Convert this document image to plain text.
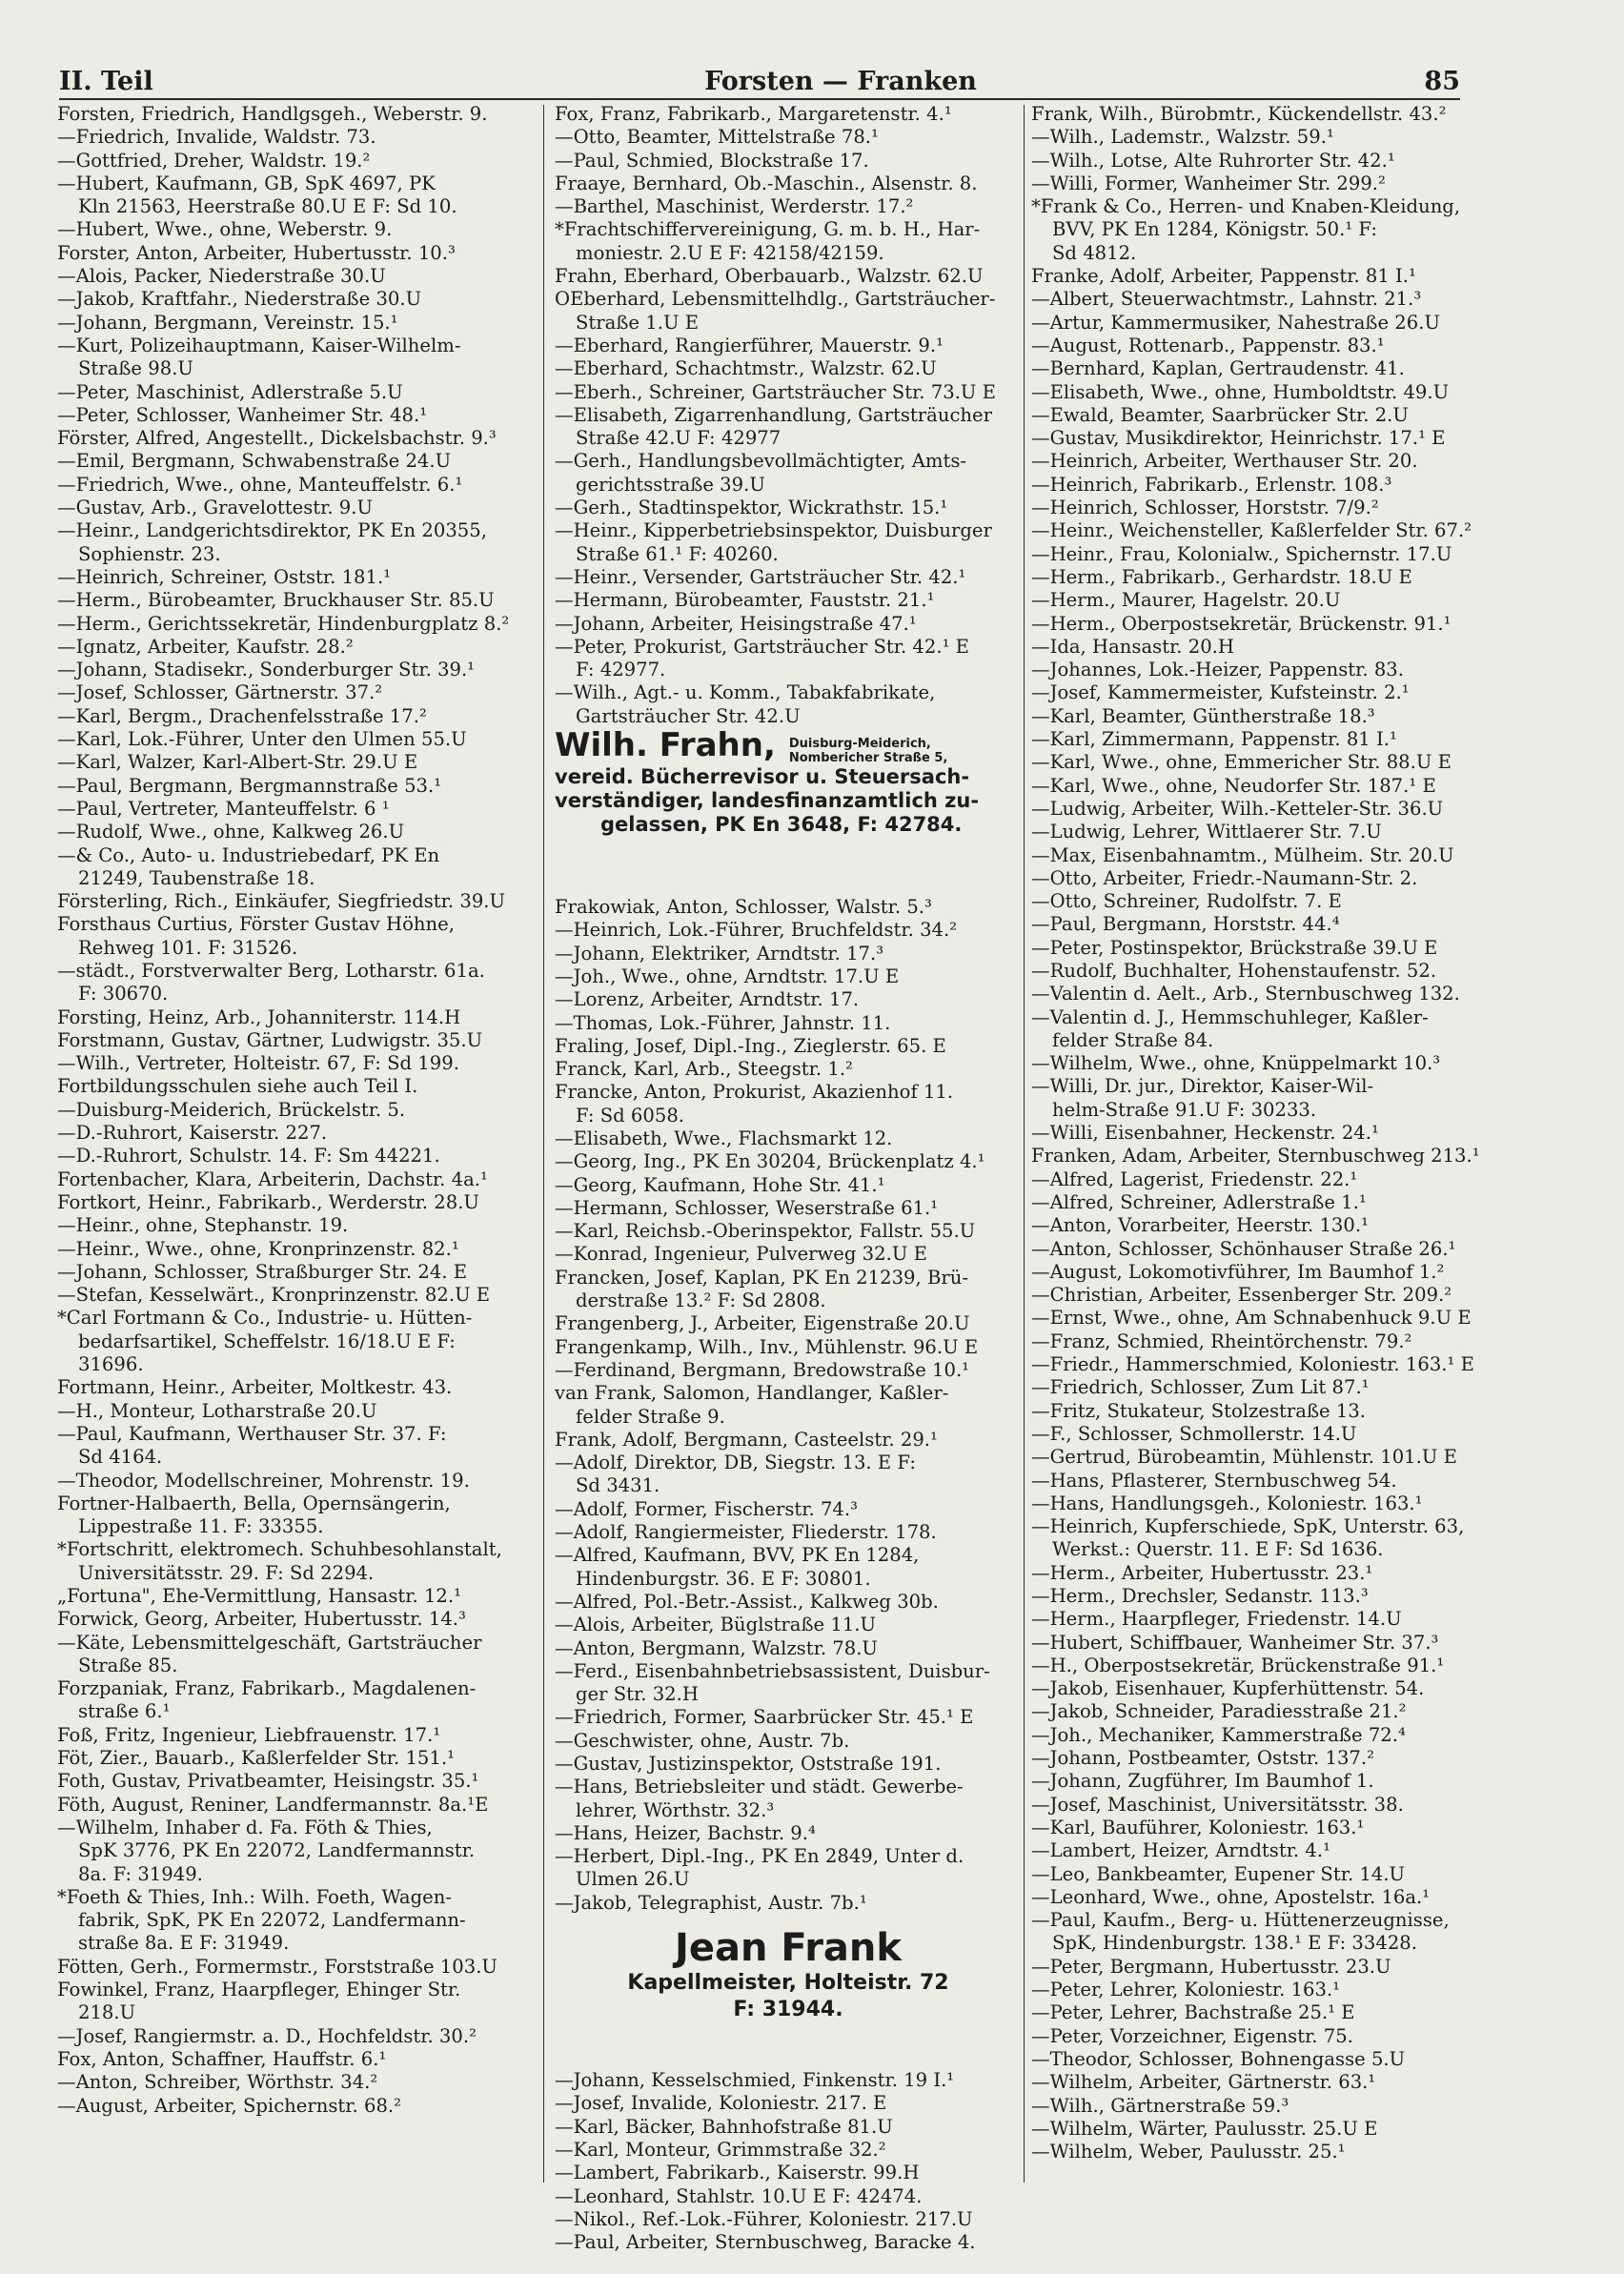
II. Teil	Forsten — Franken	85
Forsten, Friedrich, Handlgsgeh., Weberstr. 9.
—Friedrich, Invalide, Waldstr. 73.
—Gottfried, Dreher, Waldstr. 19.²
—Hubert, Kaufmann, GB, SpK 4697, PK
Kln 21563, Heerstraße 80.U E F: Sd 10.
—Hubert, Wwe., ohne, Weberstr. 9.
Forster, Anton, Arbeiter, Hubertusstr. 10.³
—Alois, Packer, Niederstraße 30.U
—Jakob, Kraftfahr., Niederstraße 30.U
—Johann, Bergmann, Vereinstr. 15.¹
—Kurt, Polizeihauptmann, Kaiser-Wilhelm-
Straße 98.U
—Peter, Maschinist, Adlerstraße 5.U
—Peter, Schlosser, Wanheimer Str. 48.¹
Förster, Alfred, Angestellt., Dickelsbachstr. 9.³
—Emil, Bergmann, Schwabenstraße 24.U
—Friedrich, Wwe., ohne, Manteuffelstr. 6.¹
—Gustav, Arb., Gravelottestr. 9.U
—Heinr., Landgerichtsdirektor, PK En 20355,
Sophienstr. 23.
—Heinrich, Schreiner, Oststr. 181.¹
—Herm., Bürobeamter, Bruckhauser Str. 85.U
—Herm., Gerichtssekretär, Hindenburgplatz 8.²
—Ignatz, Arbeiter, Kaufstr. 28.²
—Johann, Stadisekr., Sonderburger Str. 39.¹
—Josef, Schlosser, Gärtnerstr. 37.²
—Karl, Bergm., Drachenfelsstraße 17.²
—Karl, Lok.-Führer, Unter den Ulmen 55.U
—Karl, Walzer, Karl-Albert-Str. 29.U E
—Paul, Bergmann, Bergmannstraße 53.¹
—Paul, Vertreter, Manteuffelstr. 6 ¹
—Rudolf, Wwe., ohne, Kalkweg 26.U
—& Co., Auto- u. Industriebedarf, PK En
21249, Taubenstraße 18.
Försterling, Rich., Einkäufer, Siegfriedstr. 39.U
Forsthaus Curtius, Förster Gustav Höhne,
Rehweg 101. F: 31526.
—städt., Forstverwalter Berg, Lotharstr. 61a.
F: 30670.
Forsting, Heinz, Arb., Johanniterstr. 114.H
Forstmann, Gustav, Gärtner, Ludwigstr. 35.U
—Wilh., Vertreter, Holteistr. 67, F: Sd 199.
Fortbildungsschulen siehe auch Teil I.
—Duisburg-Meiderich, Brückelstr. 5.
—D.-Ruhrort, Kaiserstr. 227.
—D.-Ruhrort, Schulstr. 14. F: Sm 44221.
Fortenbacher, Klara, Arbeiterin, Dachstr. 4a.¹
Fortkort, Heinr., Fabrikarb., Werderstr. 28.U
—Heinr., ohne, Stephanstr. 19.
—Heinr., Wwe., ohne, Kronprinzenstr. 82.¹
—Johann, Schlosser, Straßburger Str. 24. E
—Stefan, Kesselwärt., Kronprinzenstr. 82.U E
*Carl Fortmann & Co., Industrie- u. Hütten-
bedarfsartikel, Scheffelstr. 16/18.U E F:
31696.
Fortmann, Heinr., Arbeiter, Moltkestr. 43.
—H., Monteur, Lotharstraße 20.U
—Paul, Kaufmann, Werthauser Str. 37. F:
Sd 4164.
—Theodor, Modellschreiner, Mohrenstr. 19.
Fortner-Halbaerth, Bella, Opernsängerin,
Lippestraße 11. F: 33355.
*Fortschritt, elektromech. Schuhbesohlanstalt,
Universitätsstr. 29. F: Sd 2294.
„Fortuna", Ehe-Vermittlung, Hansastr. 12.¹
Forwick, Georg, Arbeiter, Hubertusstr. 14.³
—Käte, Lebensmittelgeschäft, Gartsträucher
Straße 85.
Forzpaniak, Franz, Fabrikarb., Magdalenen-
straße 6.¹
Foß, Fritz, Ingenieur, Liebfrauenstr. 17.¹
Föt, Zier., Bauarb., Kaßlerfelder Str. 151.¹
Foth, Gustav, Privatbeamter, Heisingstr. 35.¹
Föth, August, Reniner, Landfermannstr. 8a.¹E
—Wilhelm, Inhaber d. Fa. Föth & Thies,
SpK 3776, PK En 22072, Landfermannstr.
8a. F: 31949.
*Foeth & Thies, Inh.: Wilh. Foeth, Wagen-
fabrik, SpK, PK En 22072, Landfermann-
straße 8a. E F: 31949.
Fötten, Gerh., Formermstr., Forststraße 103.U
Fowinkel, Franz, Haarpfleger, Ehinger Str.
218.U
—Josef, Rangiermstr. a. D., Hochfeldstr. 30.²
Fox, Anton, Schaffner, Hauffstr. 6.¹
—Anton, Schreiber, Wörthstr. 34.²
—August, Arbeiter, Spichernstr. 68.²
Fox, Franz, Fabrikarb., Margaretenstr. 4.¹
—Otto, Beamter, Mittelstraße 78.¹
—Paul, Schmied, Blockstraße 17.
Fraaye, Bernhard, Ob.-Maschin., Alsenstr. 8.
—Barthel, Maschinist, Werderstr. 17.²
*Frachtschiffervereinigung, G. m. b. H., Har-
moniestr. 2.U E F: 42158/42159.
Frahn, Eberhard, Oberbauarb., Walzstr. 62.U
OEberhard, Lebensmittelhdlg., Gartsträucher-
Straße 1.U E
—Eberhard, Rangierführer, Mauerstr. 9.¹
—Eberhard, Schachtmstr., Walzstr. 62.U
—Eberh., Schreiner, Gartsträucher Str. 73.U E
—Elisabeth, Zigarrenhandlung, Gartsträucher
Straße 42.U F: 42977
—Gerh., Handlungsbevollmächtigter, Amts-
gerichtsstraße 39.U
—Gerh., Stadtinspektor, Wickrathstr. 15.¹
—Heinr., Kipperbetriebsinspektor, Duisburger
Straße 61.¹ F: 40260.
—Heinr., Versender, Gartsträucher Str. 42.¹
—Hermann, Bürobeamter, Fauststr. 21.¹
—Johann, Arbeiter, Heisingstraße 47.¹
—Peter, Prokurist, Gartsträucher Str. 42.¹ E
F: 42977.
—Wilh., Agt.- u. Komm., Tabakfabrikate,
Gartsträucher Str. 42.U
Wilh. Frahn, Duisburg-Meiderich,
Nombericher Straße 5,
vereid. Bücherrevisor u. Steuersach-
verständiger, landesfinanzamtlich zu-
gelassen, PK En 3648, F: 42784.
Frakowiak, Anton, Schlosser, Walstr. 5.³
—Heinrich, Lok.-Führer, Bruchfeldstr. 34.²
—Johann, Elektriker, Arndtstr. 17.³
—Joh., Wwe., ohne, Arndtstr. 17.U E
—Lorenz, Arbeiter, Arndtstr. 17.
—Thomas, Lok.-Führer, Jahnstr. 11.
Fraling, Josef, Dipl.-Ing., Zieglerstr. 65. E
Franck, Karl, Arb., Steegstr. 1.²
Francke, Anton, Prokurist, Akazienhof 11.
F: Sd 6058.
—Elisabeth, Wwe., Flachsmarkt 12.
—Georg, Ing., PK En 30204, Brückenplatz 4.¹
—Georg, Kaufmann, Hohe Str. 41.¹
—Hermann, Schlosser, Weserstraße 61.¹
—Karl, Reichsb.-Oberinspektor, Fallstr. 55.U
—Konrad, Ingenieur, Pulverweg 32.U E
Francken, Josef, Kaplan, PK En 21239, Brü-
derstraße 13.² F: Sd 2808.
Frangenberg, J., Arbeiter, Eigenstraße 20.U
Frangenkamp, Wilh., Inv., Mühlenstr. 96.U E
—Ferdinand, Bergmann, Bredowstraße 10.¹
van Frank, Salomon, Handlanger, Kaßler-
felder Straße 9.
Frank, Adolf, Bergmann, Casteelstr. 29.¹
—Adolf, Direktor, DB, Siegstr. 13. E F:
Sd 3431.
—Adolf, Former, Fischerstr. 74.³
—Adolf, Rangiermeister, Fliederstr. 178.
—Alfred, Kaufmann, BVV, PK En 1284,
Hindenburgstr. 36. E F: 30801.
—Alfred, Pol.-Betr.-Assist., Kalkweg 30b.
—Alois, Arbeiter, Büglstraße 11.U
—Anton, Bergmann, Walzstr. 78.U
—Ferd., Eisenbahnbetriebsassistent, Duisbur-
ger Str. 32.H
—Friedrich, Former, Saarbrücker Str. 45.¹ E
—Geschwister, ohne, Austr. 7b.
—Gustav, Justizinspektor, Oststraße 191.
—Hans, Betriebsleiter und städt. Gewerbe-
lehrer, Wörthstr. 32.³
—Hans, Heizer, Bachstr. 9.⁴
—Herbert, Dipl.-Ing., PK En 2849, Unter d.
Ulmen 26.U
—Jakob, Telegraphist, Austr. 7b.¹
Jean Frank
Kapellmeister, Holteistr. 72
F: 31944.
—Johann, Kesselschmied, Finkenstr. 19 I.¹
—Josef, Invalide, Koloniestr. 217. E
—Karl, Bäcker, Bahnhofstraße 81.U
—Karl, Monteur, Grimmstraße 32.²
—Lambert, Fabrikarb., Kaiserstr. 99.H
—Leonhard, Stahlstr. 10.U E F: 42474.
—Nikol., Ref.-Lok.-Führer, Koloniestr. 217.U
—Paul, Arbeiter, Sternbuschweg, Baracke 4.
Frank, Wilh., Bürobmtr., Kückendellstr. 43.²
—Wilh., Lademstr., Walzstr. 59.¹
—Wilh., Lotse, Alte Ruhrorter Str. 42.¹
—Willi, Former, Wanheimer Str. 299.²
*Frank & Co., Herren- und Knaben-Kleidung,
BVV, PK En 1284, Königstr. 50.¹ F:
Sd 4812.
Franke, Adolf, Arbeiter, Pappenstr. 81 I.¹
—Albert, Steuerwachtmstr., Lahnstr. 21.³
—Artur, Kammermusiker, Nahestraße 26.U
—August, Rottenarb., Pappenstr. 83.¹
—Bernhard, Kaplan, Gertraudenstr. 41.
—Elisabeth, Wwe., ohne, Humboldtstr. 49.U
—Ewald, Beamter, Saarbrücker Str. 2.U
—Gustav, Musikdirektor, Heinrichstr. 17.¹ E
—Heinrich, Arbeiter, Werthauser Str. 20.
—Heinrich, Fabrikarb., Erlenstr. 108.³
—Heinrich, Schlosser, Horststr. 7/9.²
—Heinr., Weichensteller, Kaßlerfelder Str. 67.²
—Heinr., Frau, Kolonialw., Spichernstr. 17.U
—Herm., Fabrikarb., Gerhardstr. 18.U E
—Herm., Maurer, Hagelstr. 20.U
—Herm., Oberpostsekretär, Brückenstr. 91.¹
—Ida, Hansastr. 20.H
—Johannes, Lok.-Heizer, Pappenstr. 83.
—Josef, Kammermeister, Kufsteinstr. 2.¹
—Karl, Beamter, Güntherstraße 18.³
—Karl, Zimmermann, Pappenstr. 81 I.¹
—Karl, Wwe., ohne, Emmericher Str. 88.U E
—Karl, Wwe., ohne, Neudorfer Str. 187.¹ E
—Ludwig, Arbeiter, Wilh.-Ketteler-Str. 36.U
—Ludwig, Lehrer, Wittlaerer Str. 7.U
—Max, Eisenbahnamtm., Mülheim. Str. 20.U
—Otto, Arbeiter, Friedr.-Naumann-Str. 2.
—Otto, Schreiner, Rudolfstr. 7. E
—Paul, Bergmann, Horststr. 44.⁴
—Peter, Postinspektor, Brückstraße 39.U E
—Rudolf, Buchhalter, Hohenstaufenstr. 52.
—Valentin d. Aelt., Arb., Sternbuschweg 132.
—Valentin d. J., Hemmschuhleger, Kaßler-
felder Straße 84.
—Wilhelm, Wwe., ohne, Knüppelmarkt 10.³
—Willi, Dr. jur., Direktor, Kaiser-Wil-
helm-Straße 91.U F: 30233.
—Willi, Eisenbahner, Heckenstr. 24.¹
Franken, Adam, Arbeiter, Sternbuschweg 213.¹
—Alfred, Lagerist, Friedenstr. 22.¹
—Alfred, Schreiner, Adlerstraße 1.¹
—Anton, Vorarbeiter, Heerstr. 130.¹
—Anton, Schlosser, Schönhauser Straße 26.¹
—August, Lokomotivführer, Im Baumhof 1.²
—Christian, Arbeiter, Essenberger Str. 209.²
—Ernst, Wwe., ohne, Am Schnabenhuck 9.U E
—Franz, Schmied, Rheintörchenstr. 79.²
—Friedr., Hammerschmied, Koloniestr. 163.¹ E
—Friedrich, Schlosser, Zum Lit 87.¹
—Fritz, Stukateur, Stolzestraße 13.
—F., Schlosser, Schmollerstr. 14.U
—Gertrud, Bürobeamtin, Mühlenstr. 101.U E
—Hans, Pflasterer, Sternbuschweg 54.
—Hans, Handlungsgeh., Koloniestr. 163.¹
—Heinrich, Kupferschiede, SpK, Unterstr. 63,
Werkst.: Querstr. 11. E F: Sd 1636.
—Herm., Arbeiter, Hubertusstr. 23.¹
—Herm., Drechsler, Sedanstr. 113.³
—Herm., Haarpfleger, Friedenstr. 14.U
—Hubert, Schiffbauer, Wanheimer Str. 37.³
—H., Oberpostsekretär, Brückenstraße 91.¹
—Jakob, Eisenhauer, Kupferhüttenstr. 54.
—Jakob, Schneider, Paradiesstraße 21.²
—Joh., Mechaniker, Kammerstraße 72.⁴
—Johann, Postbeamter, Oststr. 137.²
—Johann, Zugführer, Im Baumhof 1.
—Josef, Maschinist, Universitätsstr. 38.
—Karl, Bauführer, Koloniestr. 163.¹
—Lambert, Heizer, Arndtstr. 4.¹
—Leo, Bankbeamter, Eupener Str. 14.U
—Leonhard, Wwe., ohne, Apostelstr. 16a.¹
—Paul, Kaufm., Berg- u. Hüttenerzeugnisse,
SpK, Hindenburgstr. 138.¹ E F: 33428.
—Peter, Bergmann, Hubertusstr. 23.U
—Peter, Lehrer, Koloniestr. 163.¹
—Peter, Lehrer, Bachstraße 25.¹ E
—Peter, Vorzeichner, Eigenstr. 75.
—Theodor, Schlosser, Bohnengasse 5.U
—Wilhelm, Arbeiter, Gärtnerstr. 63.¹
—Wilh., Gärtnerstraße 59.³
—Wilhelm, Wärter, Paulusstr. 25.U E
—Wilhelm, Weber, Paulusstr. 25.¹
